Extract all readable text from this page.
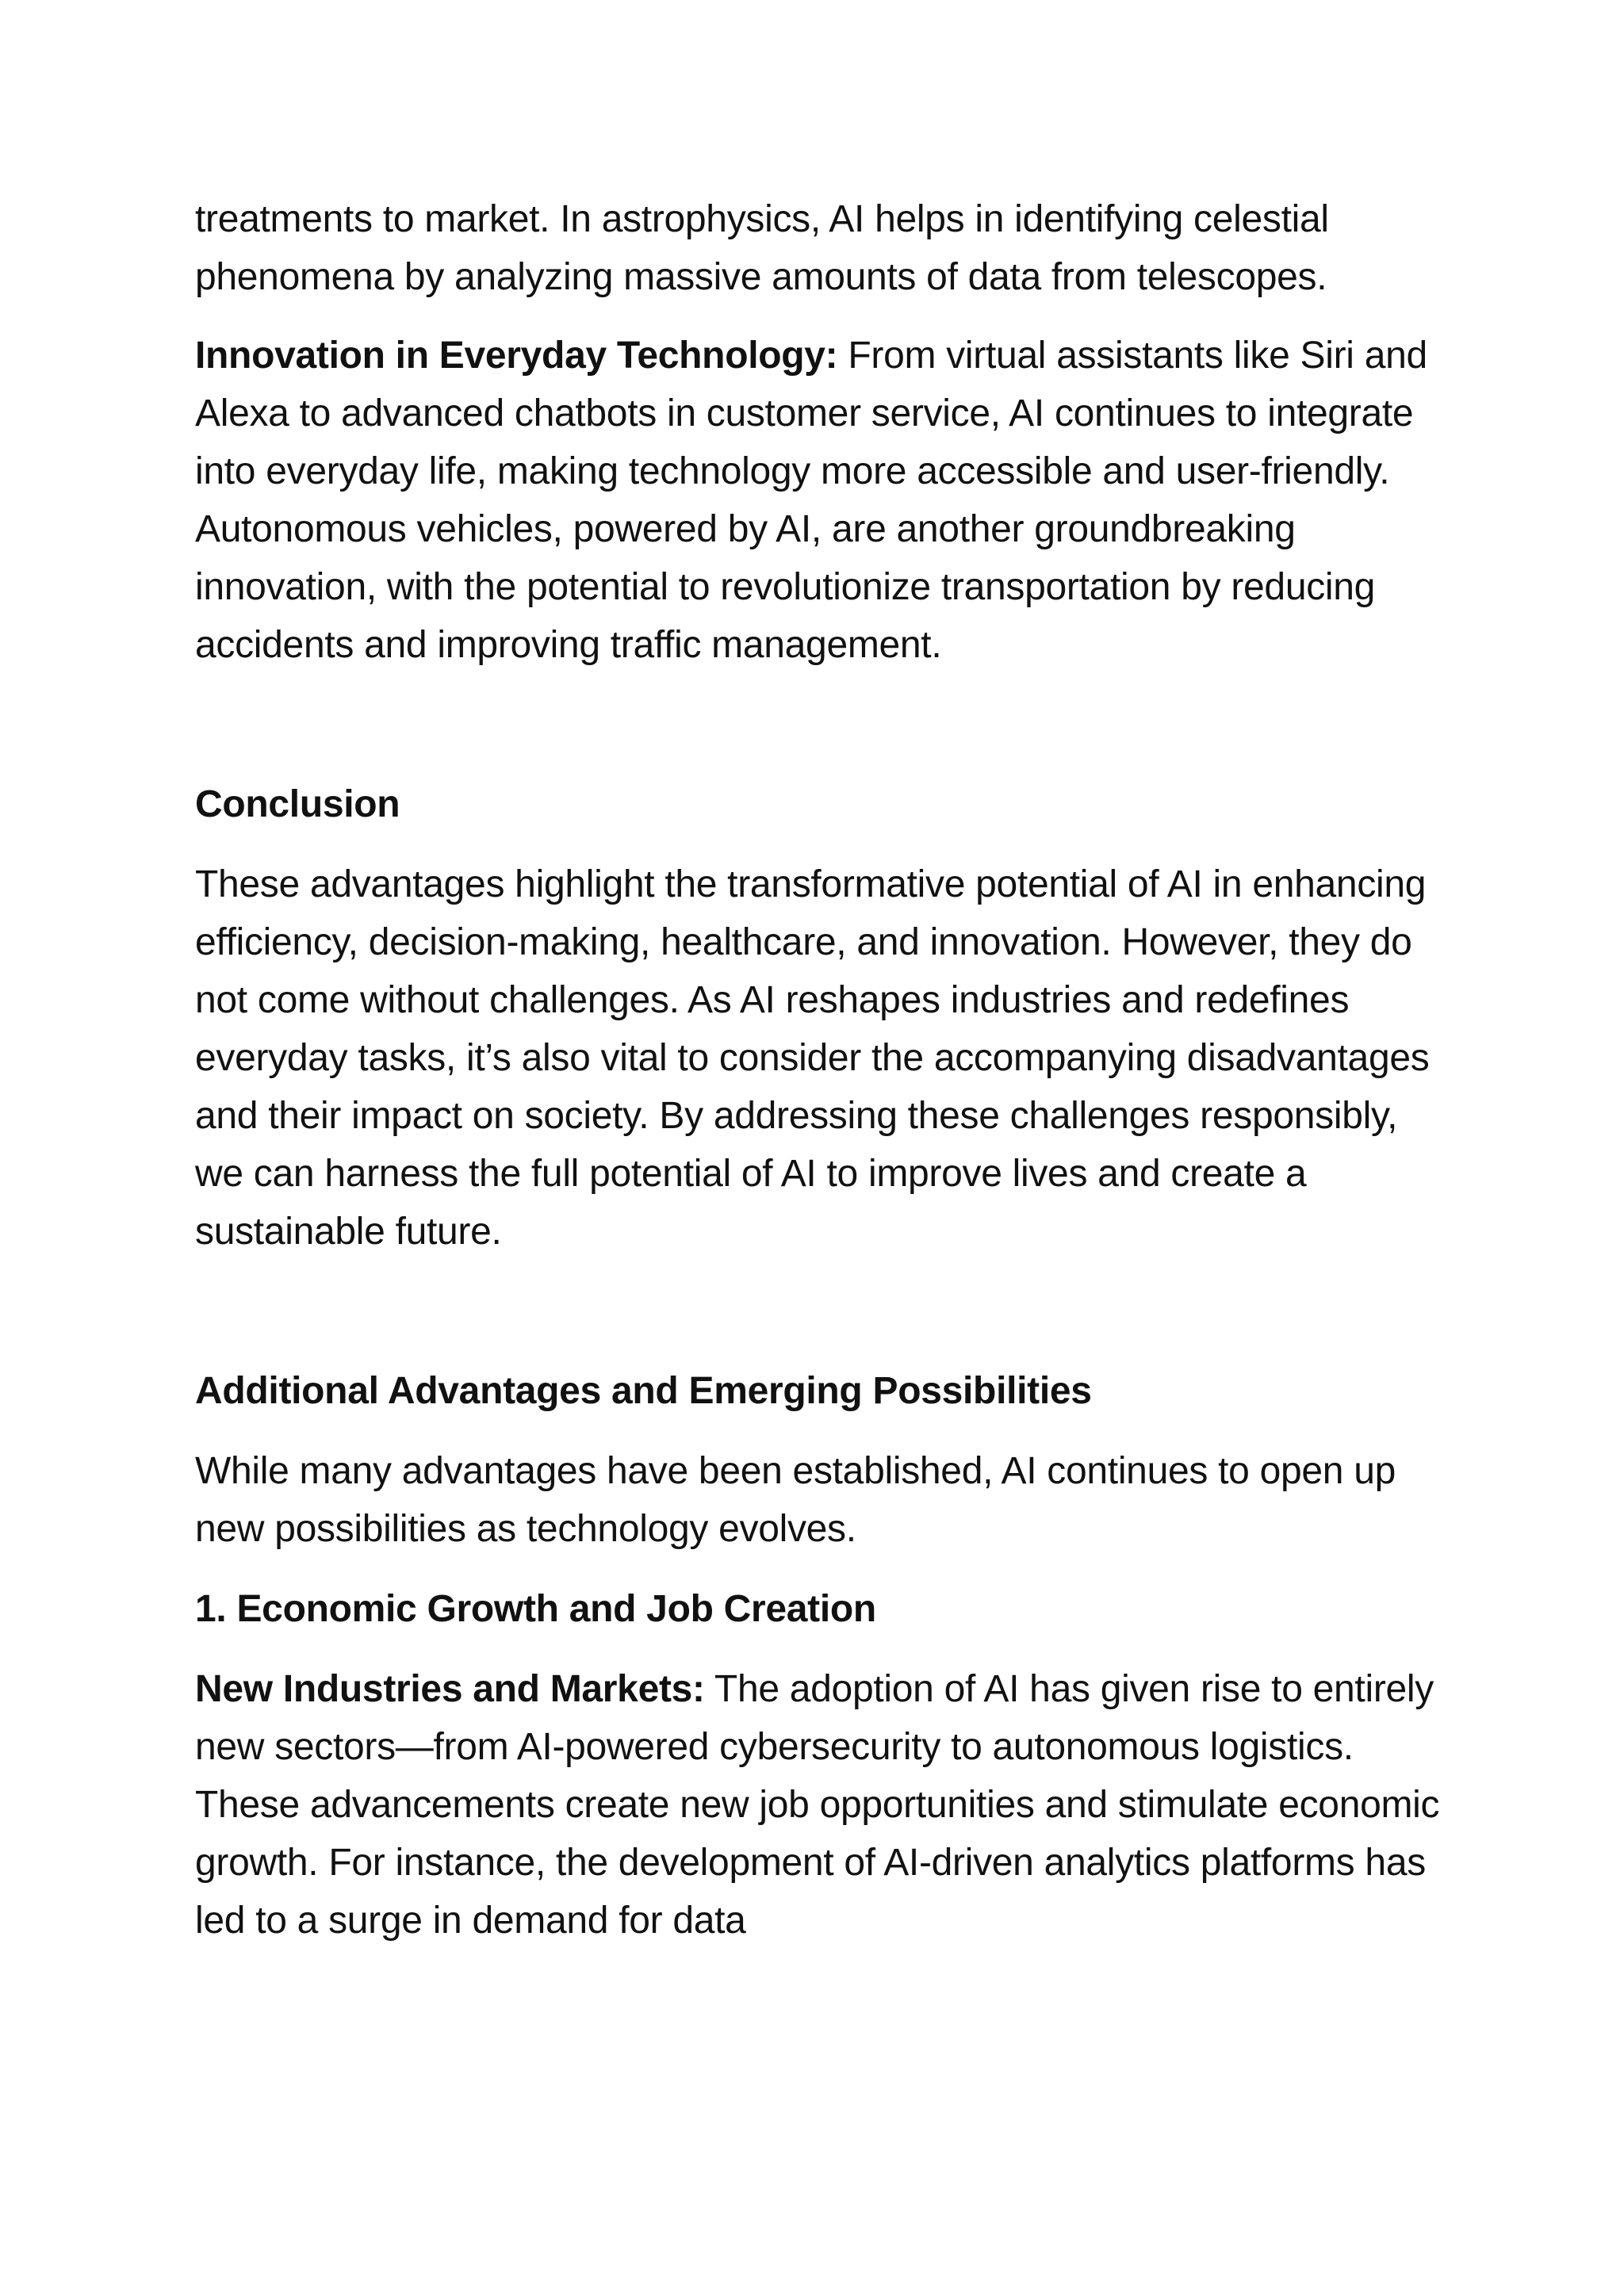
treatments to market. In astrophysics, AI helps in identifying celestial phenomena by analyzing massive amounts of data from telescopes.

Innovation in Everyday Technology: From virtual assistants like Siri and Alexa to advanced chatbots in customer service, AI continues to integrate into everyday life, making technology more accessible and user-friendly. Autonomous vehicles, powered by AI, are another groundbreaking innovation, with the potential to revolutionize transportation by reducing accidents and improving traffic management.

Conclusion

These advantages highlight the transformative potential of AI in enhancing efficiency, decision-making, healthcare, and innovation. However, they do not come without challenges. As AI reshapes industries and redefines everyday tasks, it’s also vital to consider the accompanying disadvantages and their impact on society. By addressing these challenges responsibly, we can harness the full potential of AI to improve lives and create a sustainable future.

Additional Advantages and Emerging Possibilities

While many advantages have been established, AI continues to open up new possibilities as technology evolves.

1. Economic Growth and Job Creation

New Industries and Markets: The adoption of AI has given rise to entirely new sectors—from AI-powered cybersecurity to autonomous logistics. These advancements create new job opportunities and stimulate economic growth. For instance, the development of AI-driven analytics platforms has led to a surge in demand for data
